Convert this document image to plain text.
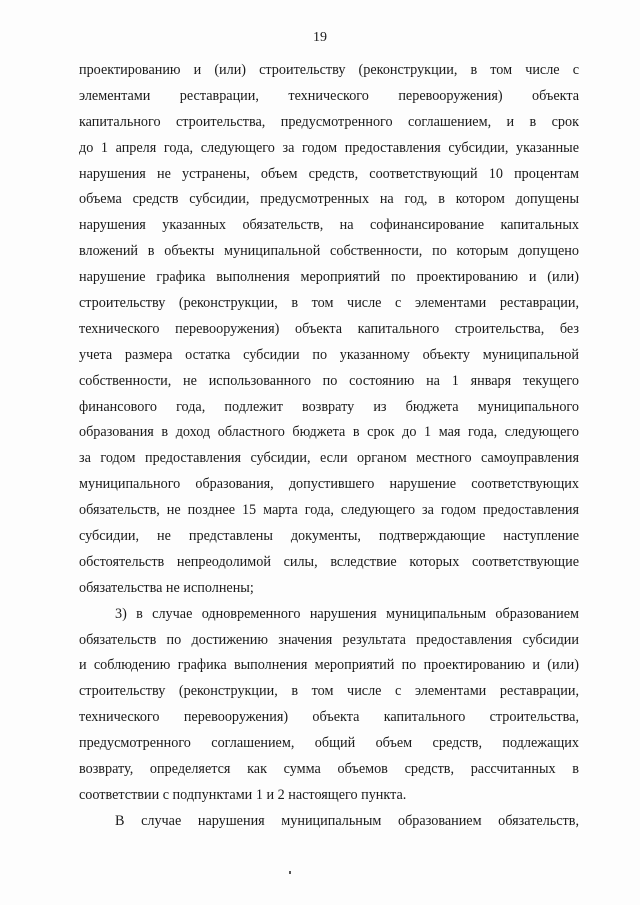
19
проектированию и (или) строительству (реконструкции, в том числе с
элементами реставрации, технического перевооружения) объекта
капитального строительства, предусмотренного соглашением, и в срок
до 1 апреля года, следующего за годом предоставления субсидии, указанные
нарушения не устранены, объем средств, соответствующий 10 процентам
объема средств субсидии, предусмотренных на год, в котором допущены
нарушения указанных обязательств, на софинансирование капитальных
вложений в объекты муниципальной собственности, по которым допущено
нарушение графика выполнения мероприятий по проектированию и (или)
строительству (реконструкции, в том числе с элементами реставрации,
технического перевооружения) объекта капитального строительства, без
учета размера остатка субсидии по указанному объекту муниципальной
собственности, не использованного по состоянию на 1 января текущего
финансового года, подлежит возврату из бюджета муниципального
образования в доход областного бюджета в срок до 1 мая года, следующего
за годом предоставления субсидии, если органом местного самоуправления
муниципального образования, допустившего нарушение соответствующих
обязательств, не позднее 15 марта года, следующего за годом предоставления
субсидии, не представлены документы, подтверждающие наступление
обстоятельств непреодолимой силы, вследствие которых соответствующие
обязательства не исполнены;
3) в случае одновременного нарушения муниципальным образованием
обязательств по достижению значения результата предоставления субсидии
и соблюдению графика выполнения мероприятий по проектированию и (или)
строительству (реконструкции, в том числе с элементами реставрации,
технического перевооружения) объекта капитального строительства,
предусмотренного соглашением, общий объем средств, подлежащих
возврату, определяется как сумма объемов средств, рассчитанных в
соответствии с подпунктами 1 и 2 настоящего пункта.
В случае нарушения муниципальным образованием обязательств,
